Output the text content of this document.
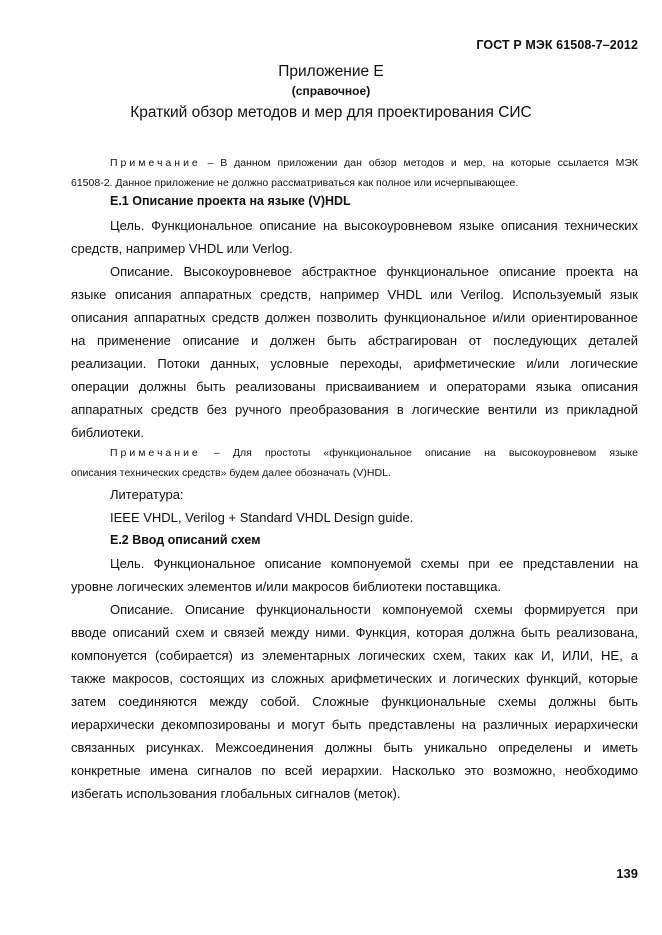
ГОСТ Р МЭК 61508-7–2012
Приложение Е
(справочное)
Краткий обзор методов и мер для проектирования СИС
Примечание – В данном приложении дан обзор методов и мер, на которые ссылается МЭК
61508-2. Данное приложение не должно рассматриваться как полное или исчерпывающее.
Е.1 Описание проекта на языке (V)HDL
Цель. Функциональное описание на высокоуровневом языке описания технических
средств, например VHDL или Verlog.
Описание. Высокоуровневое абстрактное функциональное описание проекта на
языке описания аппаратных средств, например VHDL или Verilog. Используемый язык
описания аппаратных средств должен позволить функциональное и/или ориентированное
на применение описание и должен быть абстрагирован от последующих деталей
реализации. Потоки данных, условные переходы, арифметические и/или логические
операции должны быть реализованы присваиванием и операторами языка описания
аппаратных средств без ручного преобразования в логические вентили из прикладной
библиотеки.
Примечание – Для простоты «функциональное описание на высокоуровневом языке
описания технических средств» будем далее обозначать (V)HDL.
Литература:
IEEE VHDL, Verilog + Standard VHDL Design guide.
Е.2 Ввод описаний схем
Цель. Функциональное описание компонуемой схемы при ее представлении на
уровне логических элементов и/или макросов библиотеки поставщика.
Описание. Описание функциональности компонуемой схемы формируется при
вводе описаний схем и связей между ними. Функция, которая должна быть реализована,
компонуется (собирается) из элементарных логических схем, таких как И, ИЛИ, НЕ, а
также макросов, состоящих из сложных арифметических и логических функций, которые
затем соединяются между собой. Сложные функциональные схемы должны быть
иерархически декомпозированы и могут быть представлены на различных иерархически
связанных рисунках. Межсоединения должны быть уникально определены и иметь
конкретные имена сигналов по всей иерархии. Насколько это возможно, необходимо
избегать использования глобальных сигналов (меток).
139
